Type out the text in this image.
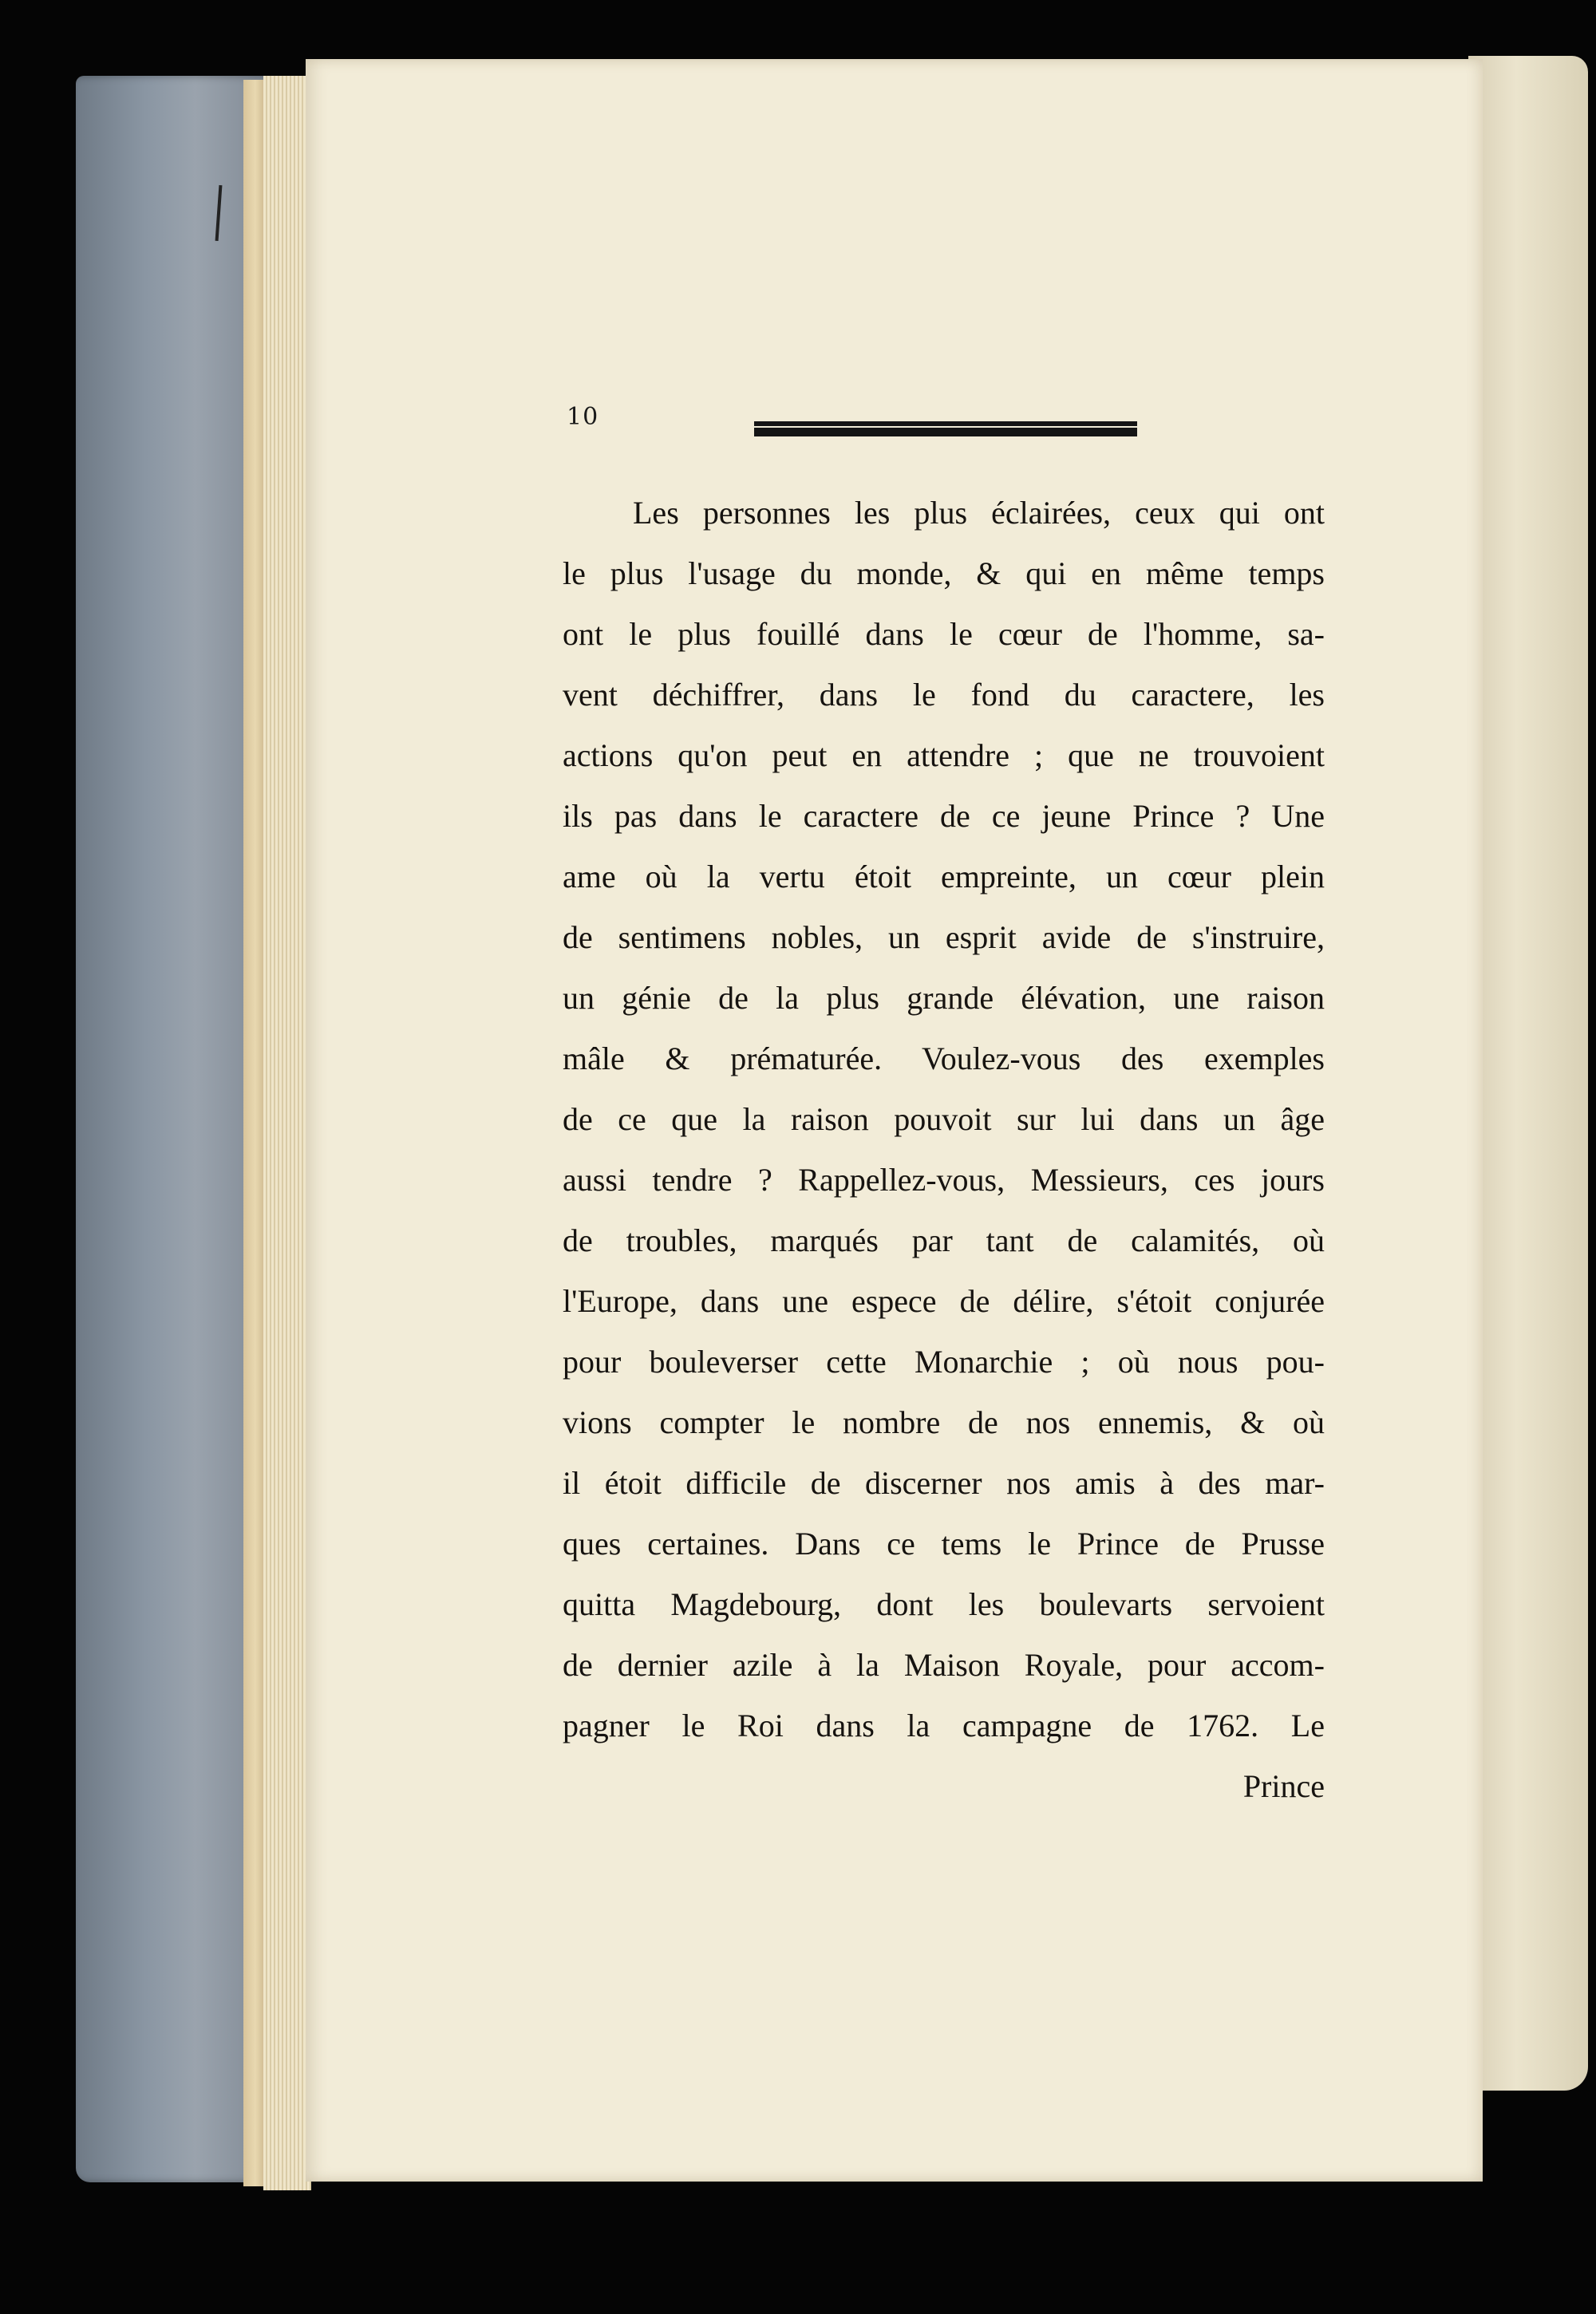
10
Les personnes les plus éclairées, ceux qui ont
le plus l'usage du monde, & qui en même temps
ont le plus fouillé dans le cœur de l'homme, sa-
vent déchiffrer, dans le fond du caractere, les
actions qu'on peut en attendre ; que ne trouvoient
ils pas dans le caractere de ce jeune Prince ? Une
ame où la vertu étoit empreinte, un cœur plein
de sentimens nobles, un esprit avide de s'instruire,
un génie de la plus grande élévation, une raison
mâle & prématurée. Voulez-vous des exemples
de ce que la raison pouvoit sur lui dans un âge
aussi tendre ? Rappellez-vous, Messieurs, ces jours
de troubles, marqués par tant de calamités, où
l'Europe, dans une espece de délire, s'étoit conjurée
pour bouleverser cette Monarchie ; où nous pou-
vions compter le nombre de nos ennemis, & où
il étoit difficile de discerner nos amis à des mar-
ques certaines. Dans ce tems le Prince de Prusse
quitta Magdebourg, dont les boulevarts servoient
de dernier azile à la Maison Royale, pour accom-
pagner le Roi dans la campagne de 1762. Le
Prince
